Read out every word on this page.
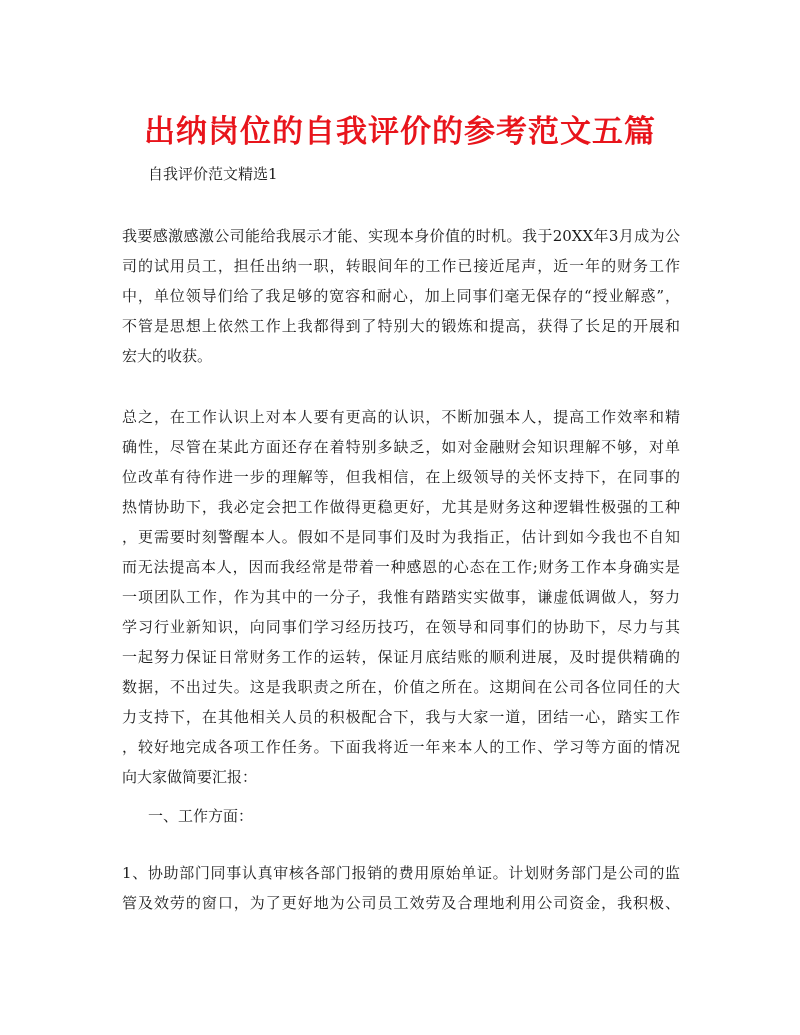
出纳岗位的自我评价的参考范文五篇
自我评价范文精选1

我要感激感激公司能给我展示才能、实现本身价值的时机。我于20XX年3月成为公
司的试用员工，担任出纳一职，转眼间年的工作已接近尾声，近一年的财务工作
中，单位领导们给了我足够的宽容和耐心，加上同事们毫无保存的“授业解惑”，
不管是思想上依然工作上我都得到了特别大的锻炼和提高，获得了长足的开展和
宏大的收获。

总之，在工作认识上对本人要有更高的认识，不断加强本人，提高工作效率和精
确性，尽管在某此方面还存在着特别多缺乏，如对金融财会知识理解不够，对单
位改革有待作进一步的理解等，但我相信，在上级领导的关怀支持下，在同事的
热情协助下，我必定会把工作做得更稳更好，尤其是财务这种逻辑性极强的工种
，更需要时刻警醒本人。假如不是同事们及时为我指正，估计到如今我也不自知
而无法提高本人，因而我经常是带着一种感恩的心态在工作;财务工作本身确实是
一项团队工作，作为其中的一分子，我惟有踏踏实实做事，谦虚低调做人，努力
学习行业新知识，向同事们学习经历技巧，在领导和同事们的协助下，尽力与其
一起努力保证日常财务工作的运转，保证月底结账的顺利进展，及时提供精确的
数据，不出过失。这是我职责之所在，价值之所在。这期间在公司各位同任的大
力支持下，在其他相关人员的积极配合下，我与大家一道，团结一心，踏实工作
，较好地完成各项工作任务。下面我将近一年来本人的工作、学习等方面的情况
向大家做简要汇报：

一、工作方面：

1、协助部门同事认真审核各部门报销的费用原始单证。计划财务部门是公司的监
管及效劳的窗口，为了更好地为公司员工效劳及合理地利用公司资金，我积极、
